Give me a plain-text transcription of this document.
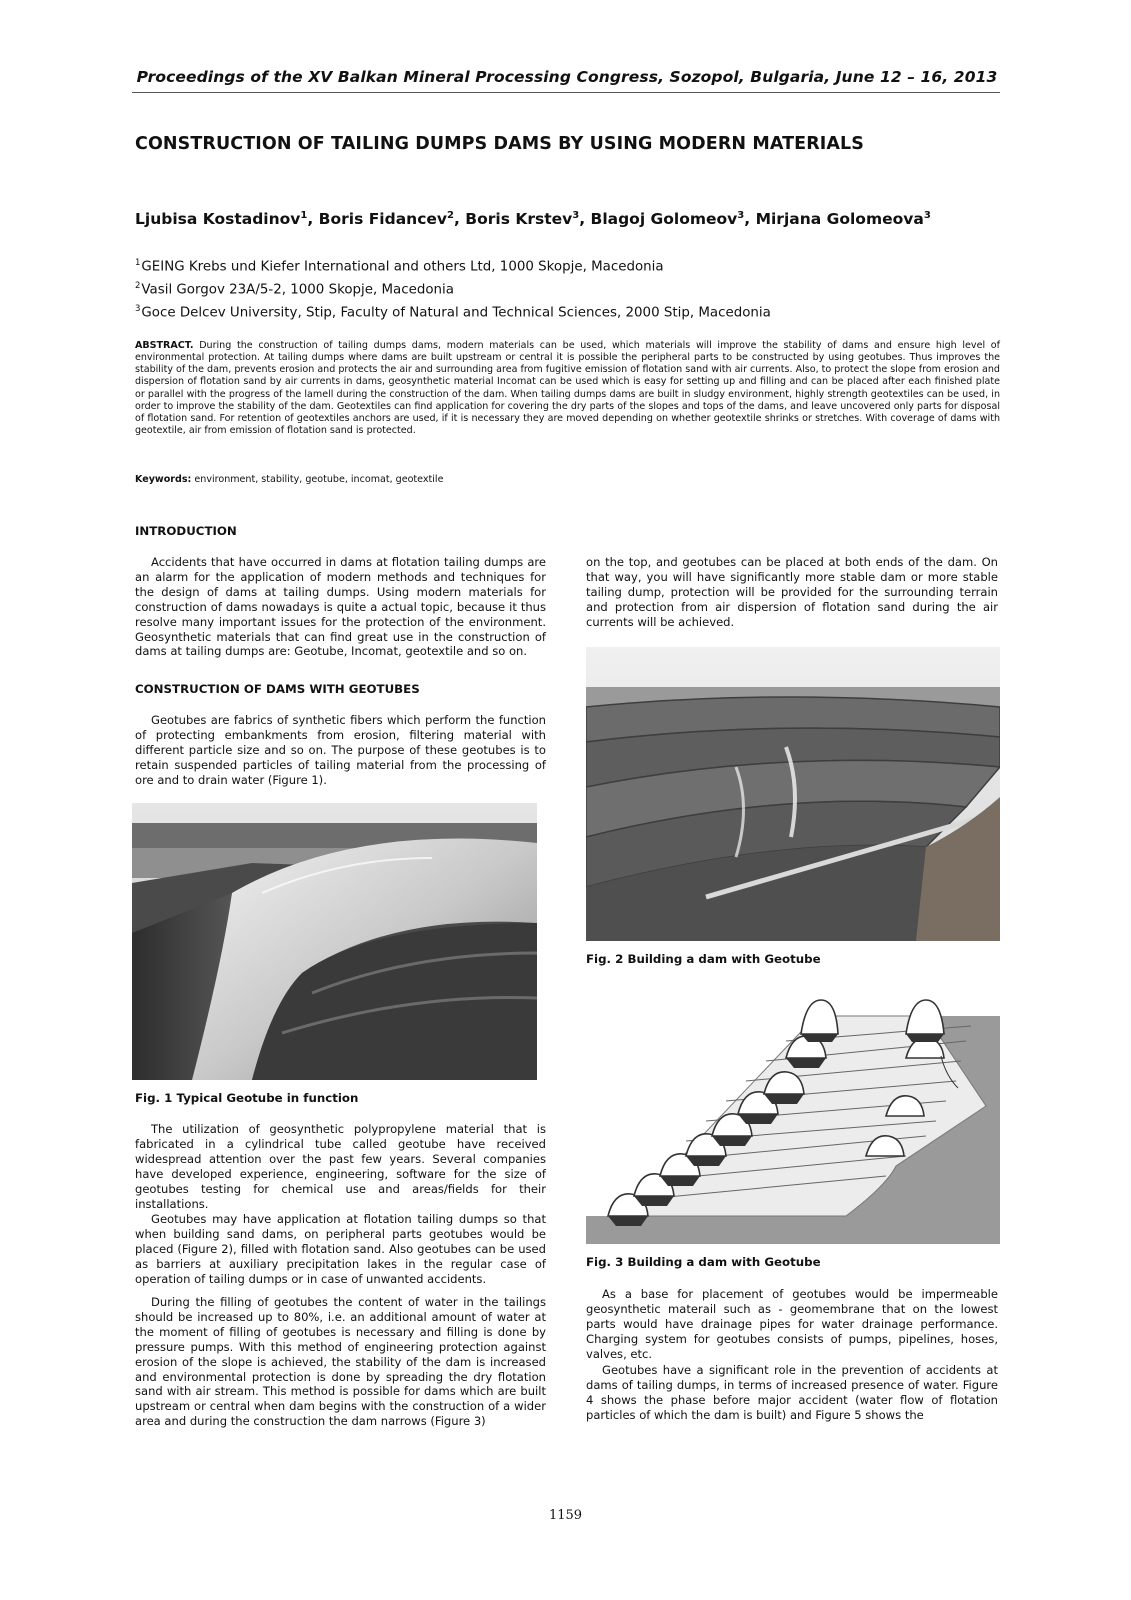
Proceedings of the XV Balkan Mineral Processing Congress, Sozopol, Bulgaria, June 12 – 16, 2013
CONSTRUCTION OF TAILING DUMPS DAMS BY USING MODERN MATERIALS
Ljubisa Kostadinov$^1$, Boris Fidancev$^2$, Boris Krstev$^3$, Blagoj Golomeov$^3$, Mirjana Golomeova$^3$
$^1$GEING Krebs und Kiefer International and others Ltd, 1000 Skopje, Macedonia
$^2$Vasil Gorgov 23A/5-2, 1000 Skopje, Macedonia
$^3$Goce Delcev University, Stip, Faculty of Natural and Technical Sciences, 2000 Stip, Macedonia
ABSTRACT. During the construction of tailing dumps dams, modern materials can be used, which materials will improve the stability of dams and ensure high level of environmental protection. At tailing dumps where dams are built upstream or central it is possible the peripheral parts to be constructed by using geotubes. Thus improves the stability of the dam, prevents erosion and protects the air and surrounding area from fugitive emission of flotation sand with air currents. Also, to protect the slope from erosion and dispersion of flotation sand by air currents in dams, geosynthetic material Incomat can be used which is easy for setting up and filling and can be placed after each finished plate or parallel with the progress of the lamell during the construction of the dam. When tailing dumps dams are built in sludgy environment, highly strength geotextiles can be used, in order to improve the stability of the dam. Geotextiles can find application for covering the dry parts of the slopes and tops of the dams, and leave uncovered only parts for disposal of flotation sand. For retention of geotextiles anchors are used, if it is necessary they are moved depending on whether geotextile shrinks or stretches. With coverage of dams with geotextile, air from emission of flotation sand is protected.
Keywords: environment, stability, geotube, incomat, geotextile
INTRODUCTION

Accidents that have occurred in dams at flotation tailing dumps are an alarm for the application of modern methods and techniques for the design of dams at tailing dumps. Using modern materials for construction of dams nowadays is quite a actual topic, because it thus resolve many important issues for the protection of the environment. Geosynthetic materials that can find great use in the construction of dams at tailing dumps are: Geotube, Incomat, geotextile and so on.

CONSTRUCTION OF DAMS WITH GEOTUBES

Geotubes are fabrics of synthetic fibers which perform the function of protecting embankments from erosion, filtering material with different particle size and so on. The purpose of these geotubes is to retain suspended particles of tailing material from the processing of ore and to drain water (Figure 1).

Fig. 1 Typical Geotube in function

The utilization of geosynthetic polypropylene material that is fabricated in a cylindrical tube called geotube have received widespread attention over the past few years. Several companies have developed experience, engineering, software for the size of geotubes testing for chemical use and areas/fields for their installations.

Geotubes may have application at flotation tailing dumps so that when building sand dams, on peripheral parts geotubes would be placed (Figure 2), filled with flotation sand. Also geotubes can be used as barriers at auxiliary precipitation lakes in the regular case of operation of tailing dumps or in case of unwanted accidents.

During the filling of geotubes the content of water in the tailings should be increased up to 80%, i.e. an additional amount of water at the moment of filling of geotubes is necessary and filling is done by pressure pumps. With this method of engineering protection against erosion of the slope is achieved, the stability of the dam is increased and environmental protection is done by spreading the dry flotation sand with air stream. This method is possible for dams which are built upstream or central when dam begins with the construction of a wider area and during the construction the dam narrows (Figure 3)

on the top, and geotubes can be placed at both ends of the dam. On that way, you will have significantly more stable dam or more stable tailing dump, protection will be provided for the surrounding terrain and protection from air dispersion of flotation sand during the air currents will be achieved.

Fig. 2 Building a dam with Geotube
Fig. 3 Building a dam with Geotube

As a base for placement of geotubes would be impermeable geosynthetic materail such as - geomembrane that on the lowest parts would have drainage pipes for water drainage performance. Charging system for geotubes consists of pumps, pipelines, hoses, valves, etc.

Geotubes have a significant role in the prevention of accidents at dams of tailing dumps, in terms of increased presence of water. Figure 4 shows the phase before major accident (water flow of flotation particles of which the dam is built) and Figure 5 shows the

1159
